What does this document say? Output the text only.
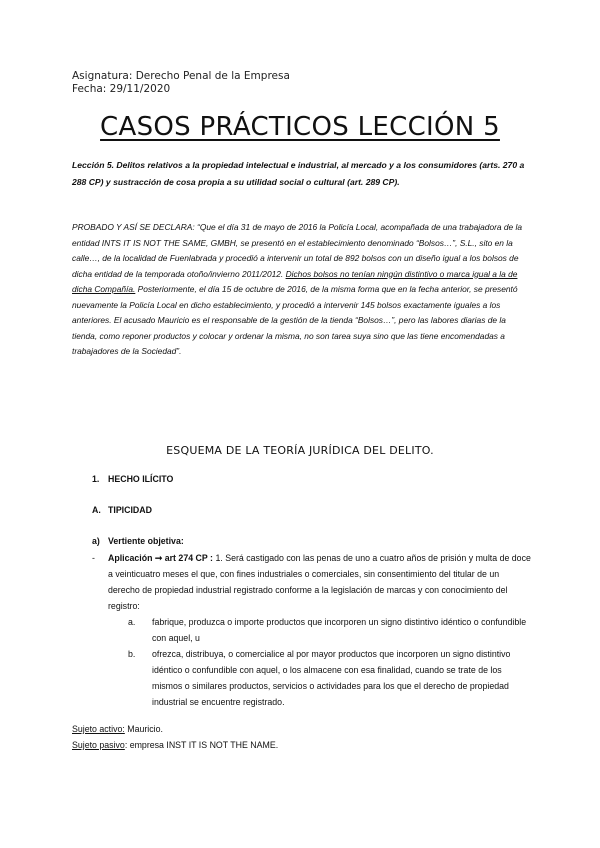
Asignatura: Derecho Penal de la Empresa
Fecha: 29/11/2020
CASOS PRÁCTICOS LECCIÓN 5
Lección 5. Delitos relativos a la propiedad intelectual e industrial, al mercado y a los consumidores (arts. 270 a 288 CP) y sustracción de cosa propia a su utilidad social o cultural (art. 289 CP).
PROBADO Y ASÍ SE DECLARA: “Que el día 31 de mayo de 2016 la Policía Local, acompañada de una trabajadora de la entidad INTS IT IS NOT THE SAME, GMBH, se presentó en el establecimiento denominado “Bolsos…”, S.L., sito en la calle…, de la localidad de Fuenlabrada y procedió a intervenir un total de 892 bolsos con un diseño igual a los bolsos de dicha entidad de la temporada otoño/invierno 2011/2012. Dichos bolsos no tenían ningún distintivo o marca igual a la de dicha Compañía. Posteriormente, el día 15 de octubre de 2016, de la misma forma que en la fecha anterior, se presentó nuevamente la Policía Local en dicho establecimiento, y procedió a intervenir 145 bolsos exactamente iguales a los anteriores. El acusado Mauricio es el responsable de la gestión de la tienda “Bolsos…”, pero las labores diarias de la tienda, como reponer productos y colocar y ordenar la misma, no son tarea suya sino que las tiene encomendadas a trabajadores de la Sociedad”.
ESQUEMA DE LA TEORÍA JURÍDICA DEL DELITO.
1. HECHO ILÍCITO
A. TIPICIDAD
a) Vertiente objetiva:
- Aplicación ➞ art 274 CP : 1. Será castigado con las penas de uno a cuatro años de prisión y multa de doce a veinticuatro meses el que, con fines industriales o comerciales, sin consentimiento del titular de un derecho de propiedad industrial registrado conforme a la legislación de marcas y con conocimiento del registro:
a. fabrique, produzca o importe productos que incorporen un signo distintivo idéntico o confundible con aquel, u
b. ofrezca, distribuya, o comercialice al por mayor productos que incorporen un signo distintivo idéntico o confundible con aquel, o los almacene con esa finalidad, cuando se trate de los mismos o similares productos, servicios o actividades para los que el derecho de propiedad industrial se encuentre registrado.
Sujeto activo: Mauricio.
Sujeto pasivo: empresa INST IT IS NOT THE NAME.
